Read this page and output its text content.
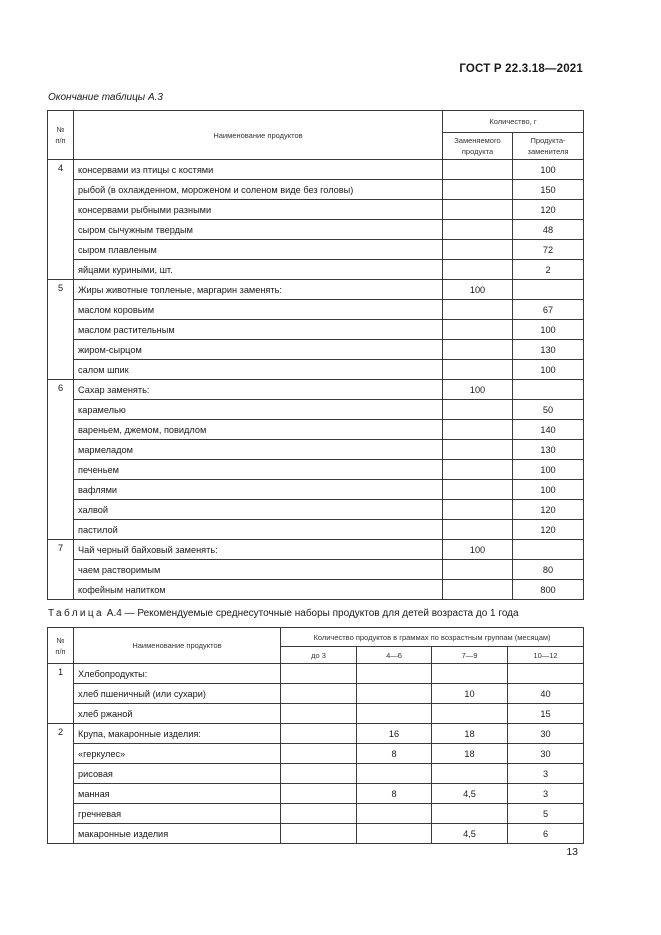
ГОСТ Р 22.3.18—2021
Окончание таблицы А.3
№
п/п	Наименование продуктов	Количество, г	
		Заменяемого
продукта	Продукта-
заменителя
4	консервами из птицы с костями		100
	рыбой (в охлажденном, мороженом и соленом виде без головы)		150
	консервами рыбными разными		120
	сыром сычужным твердым		48
	сыром плавленым		72
	яйцами куриными, шт.		2
5	Жиры животные топленые, маргарин заменять:	100	
	маслом коровьим		67
	маслом растительным		100
	жиром-сырцом		130
	салом шпик		100
6	Сахар заменять:	100	
	карамелью		50
	вареньем, джемом, повидлом		140
	мармеладом		130
	печеньем		100
	вафлями		100
	халвой		120
	пастилой		120
7	Чай черный байховый заменять:	100	
	чаем растворимым		80
	кофейным напитком		800
Таблица А.4 — Рекомендуемые среднесуточные наборы продуктов для детей возраста до 1 года
№
п/п	Наименование продуктов	Количество продуктов в граммах по возрастным группам (месяцам)			
		до 3	4—6	7—9	10—12
1	Хлебопродукты:				
	хлеб пшеничный (или сухари)			10	40
	хлеб ржаной				15
2	Крупа, макаронные изделия:		16	18	30
	«геркулес»		8	18	30
	рисовая				3
	манная		8	4,5	3
	гречневая				5
	макаронные изделия			4,5	6
13
